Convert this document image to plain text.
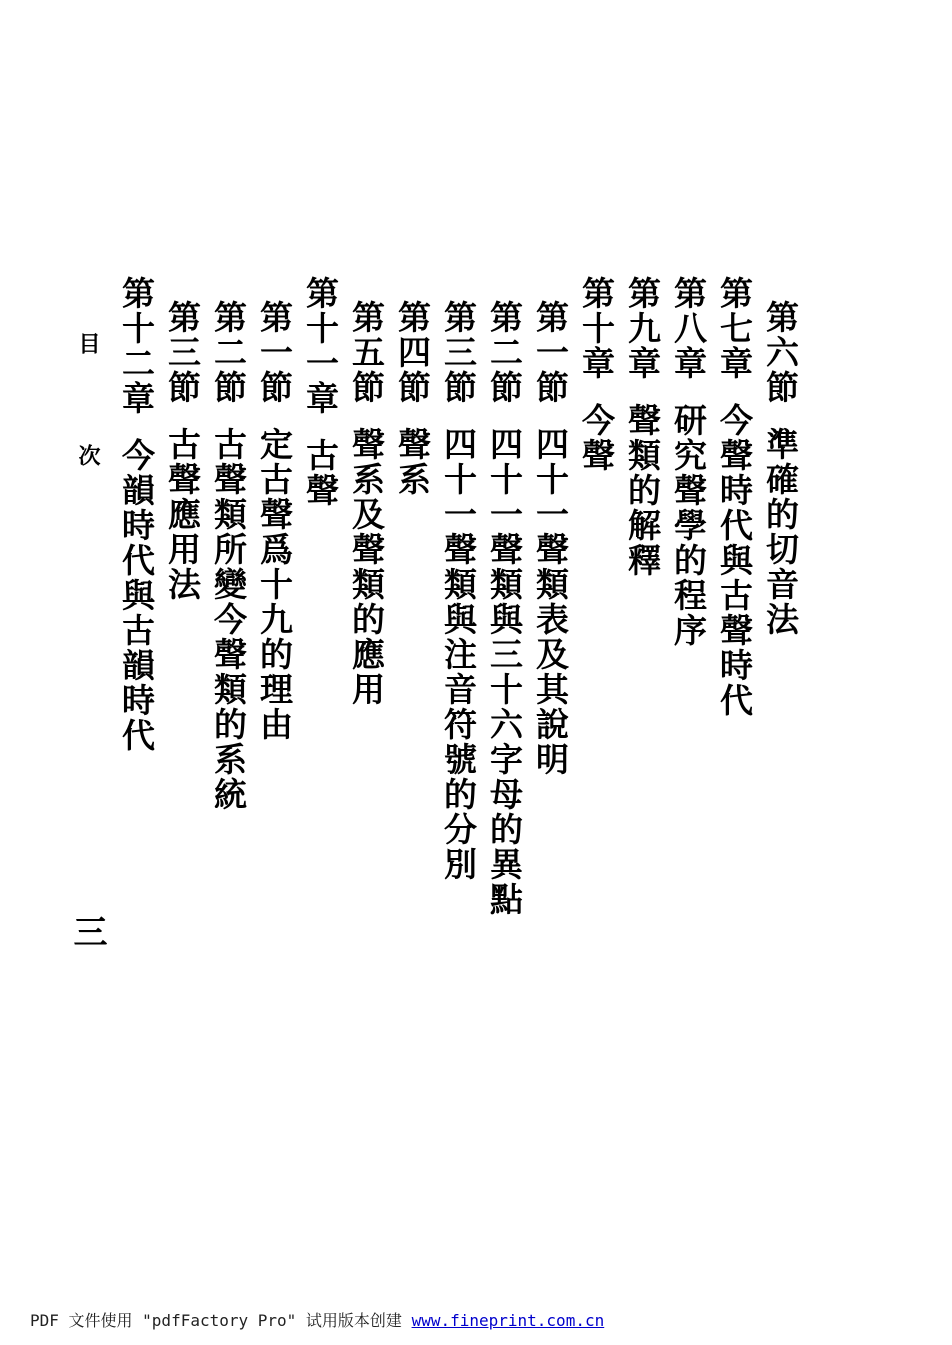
第六節準確的切音法
第七章今聲時代與古聲時代
第八章研究聲學的程序
第九章聲類的解釋
第十章今聲
第一節四十一聲類表及其說明
第二節四十一聲類與三十六字母的異點
第三節四十一聲類與注音符號的分別
第四節聲系
第五節聲系及聲類的應用
第十一章古聲
第一節定古聲爲十九的理由
第二節古聲類所變今聲類的系統
第三節古聲應用法
第十二章今韻時代與古韻時代
目次
三
PDF 文件使用 "pdfFactory Pro" 试用版本创建 www.fineprint.com.cn
